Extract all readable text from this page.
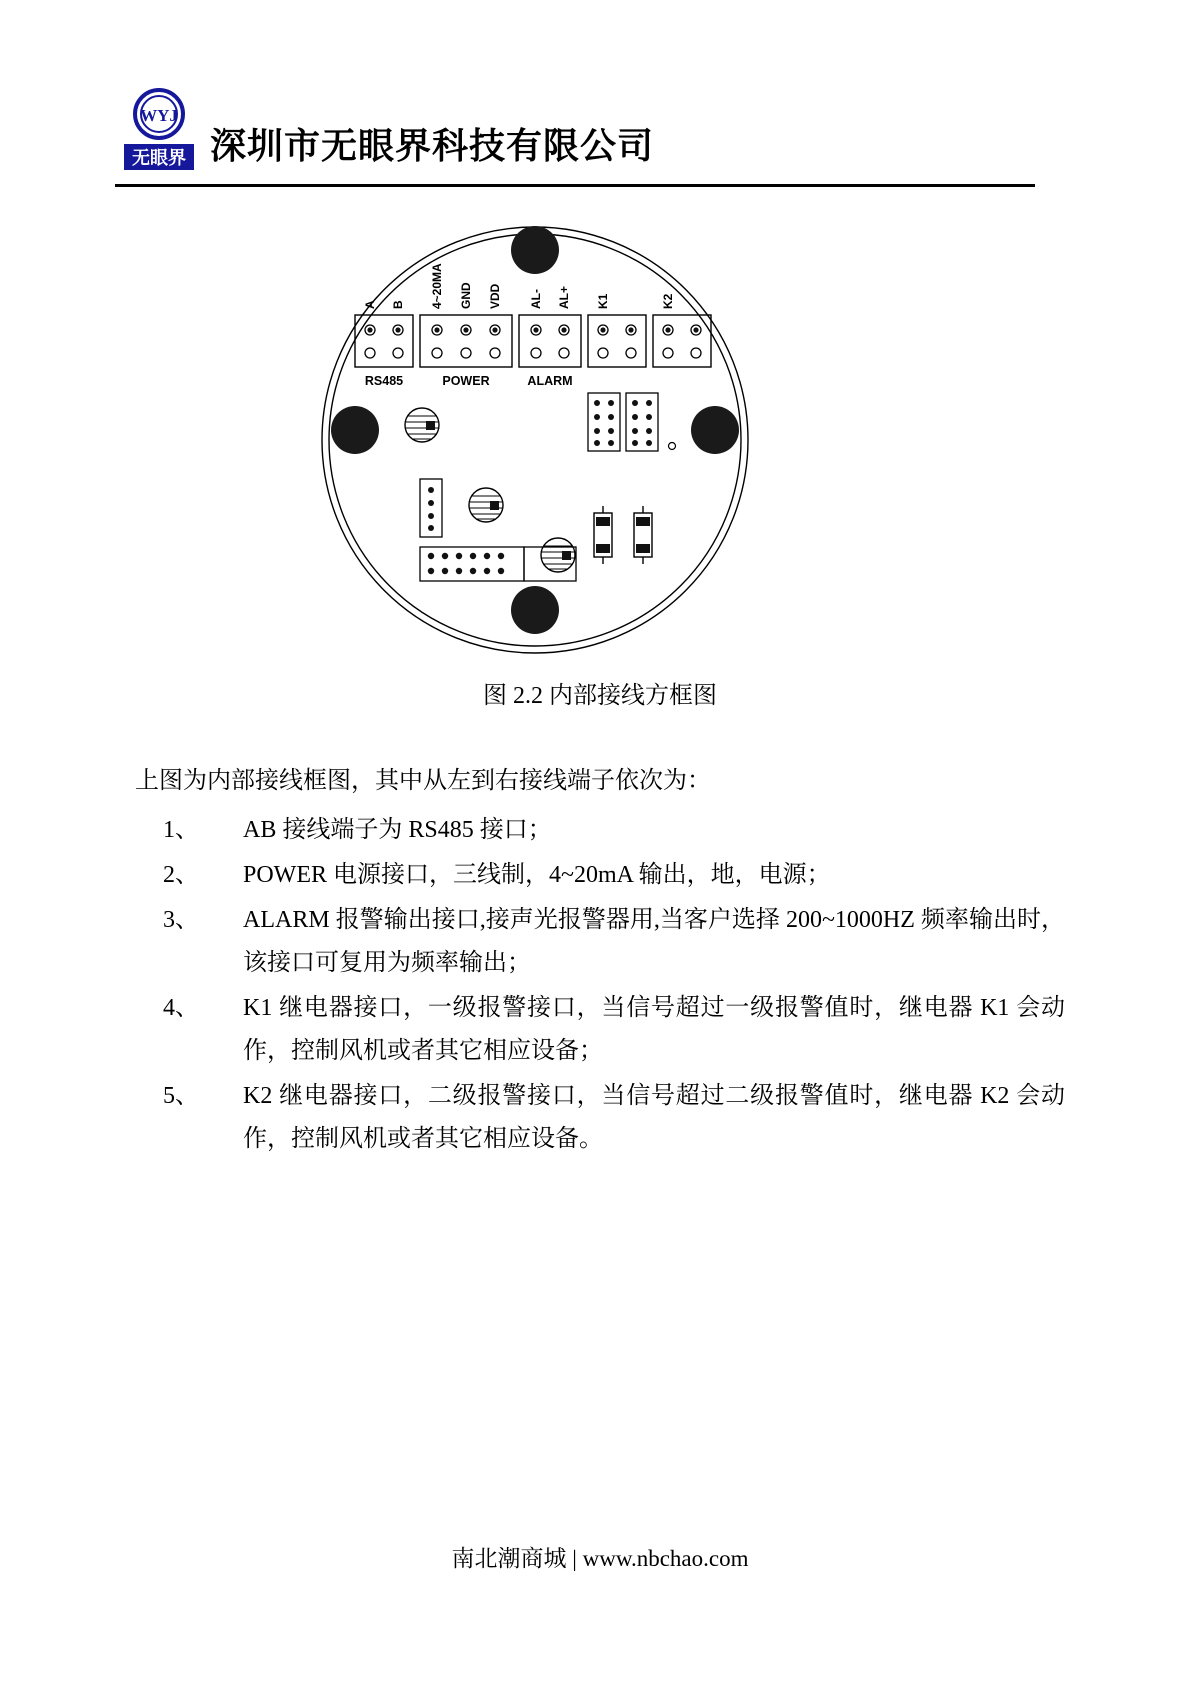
WYJ
无眼界 深圳市无眼界科技有限公司
A B 4~20MA GND VDD AL- AL+ K1	K2
RS485	POWER	ALARM
图 2.2 内部接线方框图

上图为内部接线框图，其中从左到右接线端子依次为：

1、	AB 接线端子为 RS485 接口；
2、	POWER 电源接口，三线制，4~20mA 输出，地，电源；
3、	ALARM 报警输出接口,接声光报警器用,当客户选择 200~1000HZ 频率输出时，该接口可复用为频率输出；
4、	K1 继电器接口，一级报警接口，当信号超过一级报警值时，继电器 K1 会动作，控制风机或者其它相应设备；
5、	K2 继电器接口，二级报警接口，当信号超过二级报警值时，继电器 K2 会动作，控制风机或者其它相应设备。
南北潮商城 | www.nbchao.com
